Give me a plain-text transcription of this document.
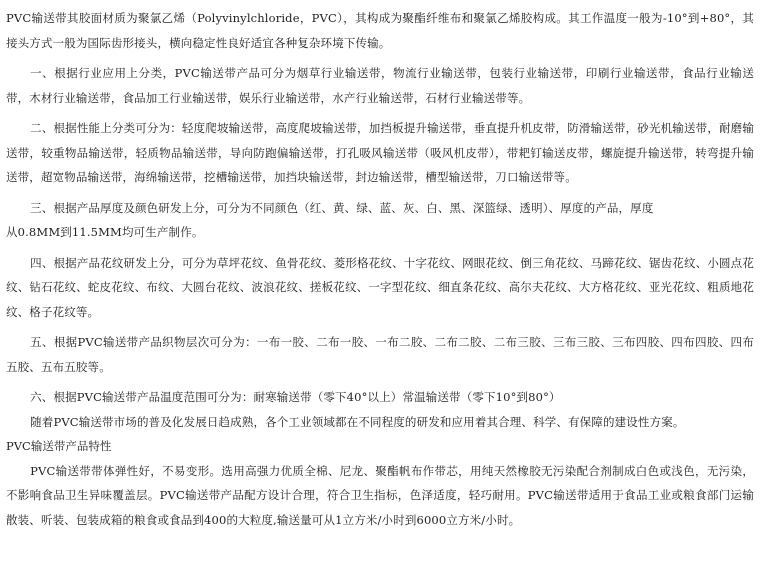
PVC输送带其胶面材质为聚氯乙烯（Polyvinylchloride，PVC），其构成为聚酯纤维布和聚氯乙烯胶构成。其工作温度一般为-10°到+80°，其接头方式一般为国际齿形接头，横向稳定性良好适宜各种复杂环境下传输。

一、根据行业应用上分类，PVC输送带产品可分为烟草行业输送带，物流行业输送带，包装行业输送带，印刷行业输送带，食品行业输送带，木材行业输送带，食品加工行业输送带，娱乐行业输送带，水产行业输送带，石材行业输送带等。

二、根据性能上分类可分为：轻度爬坡输送带，高度爬坡输送带，加挡板提升输送带，垂直提升机皮带，防滑输送带，砂光机输送带，耐磨输送带，较重物品输送带，轻质物品输送带，导向防跑偏输送带，打孔吸风输送带（吸风机皮带），带耙钉输送皮带，螺旋提升输送带，转弯提升输送带，超宽物品输送带，海绵输送带，挖槽输送带，加挡块输送带，封边输送带，槽型输送带，刀口输送带等。

三、根据产品厚度及颜色研发上分，可分为不同颜色（红、黄、绿、蓝、灰、白、黑、深篮绿、透明）、厚度的产品，厚度

从0.8MM到11.5MM均可生产制作。

四、根据产品花纹研发上分，可分为草坪花纹、鱼骨花纹、菱形格花纹、十字花纹、网眼花纹、倒三角花纹、马蹄花纹、锯齿花纹、小圆点花纹、钻石花纹、蛇皮花纹、布纹、大圆台花纹、波浪花纹、搓板花纹、一字型花纹、细直条花纹、高尔夫花纹、大方格花纹、亚光花纹、粗质地花纹、格子花纹等。

五、根据PVC输送带产品织物层次可分为：一布一胶、二布一胶、一布二胶、二布二胶、二布三胶、三布三胶、三布四胶、四布四胶、四布五胶、五布五胶等。

六、根据PVC输送带产品温度范围可分为：耐寒输送带（零下40°以上）常温输送带（零下10°到80°）

随着PVC输送带市场的普及化发展日趋成熟，各个工业领域都在不同程度的研发和应用着其合理、科学、有保障的建设性方案。

PVC输送带产品特性

PVC输送带带体弹性好，不易变形。选用高强力优质全棉、尼龙、聚酯帆布作带芯，用纯天然橡胶无污染配合剂制成白色或浅色，无污染，不影响食品卫生异味覆盖层。PVC输送带产品配方设计合理，符合卫生指标，色泽适度，轻巧耐用。PVC输送带适用于食品工业或粮食部门运输散装、听装、包装成箱的粮食或食品到400的大粒度,输送量可从1立方米/小时到6000立方米/小时。
